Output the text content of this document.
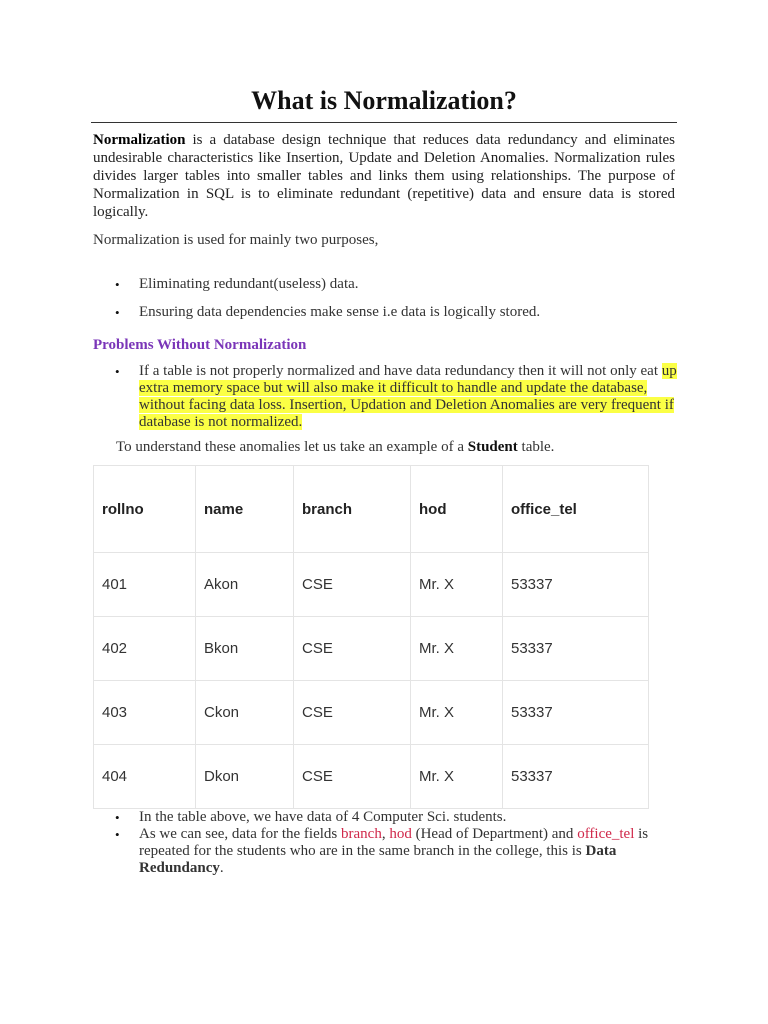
What is Normalization?

Normalization is a database design technique that reduces data redundancy and eliminates undesirable characteristics like Insertion, Update and Deletion Anomalies. Normalization rules divides larger tables into smaller tables and links them using relationships. The purpose of Normalization in SQL is to eliminate redundant (repetitive) data and ensure data is stored logically.

Normalization is used for mainly two purposes,

• Eliminating redundant(useless) data.
• Ensuring data dependencies make sense i.e data is logically stored.
Problems Without Normalization
• If a table is not properly normalized and have data redundancy then it will not only eat up extra memory space but will also make it difficult to handle and update the database, without facing data loss. Insertion, Updation and Deletion Anomalies are very frequent if database is not normalized.

To understand these anomalies let us take an example of a Student table.

rollno	name	branch	hod	office_tel
401	Akon	CSE	Mr. X	53337
402	Bkon	CSE	Mr. X	53337
403	Ckon	CSE	Mr. X	53337
404	Dkon	CSE	Mr. X	53337
• In the table above, we have data of 4 Computer Sci. students.
• As we can see, data for the fields branch, hod (Head of Department) and office_tel is repeated for the students who are in the same branch in the college, this is Data Redundancy.
